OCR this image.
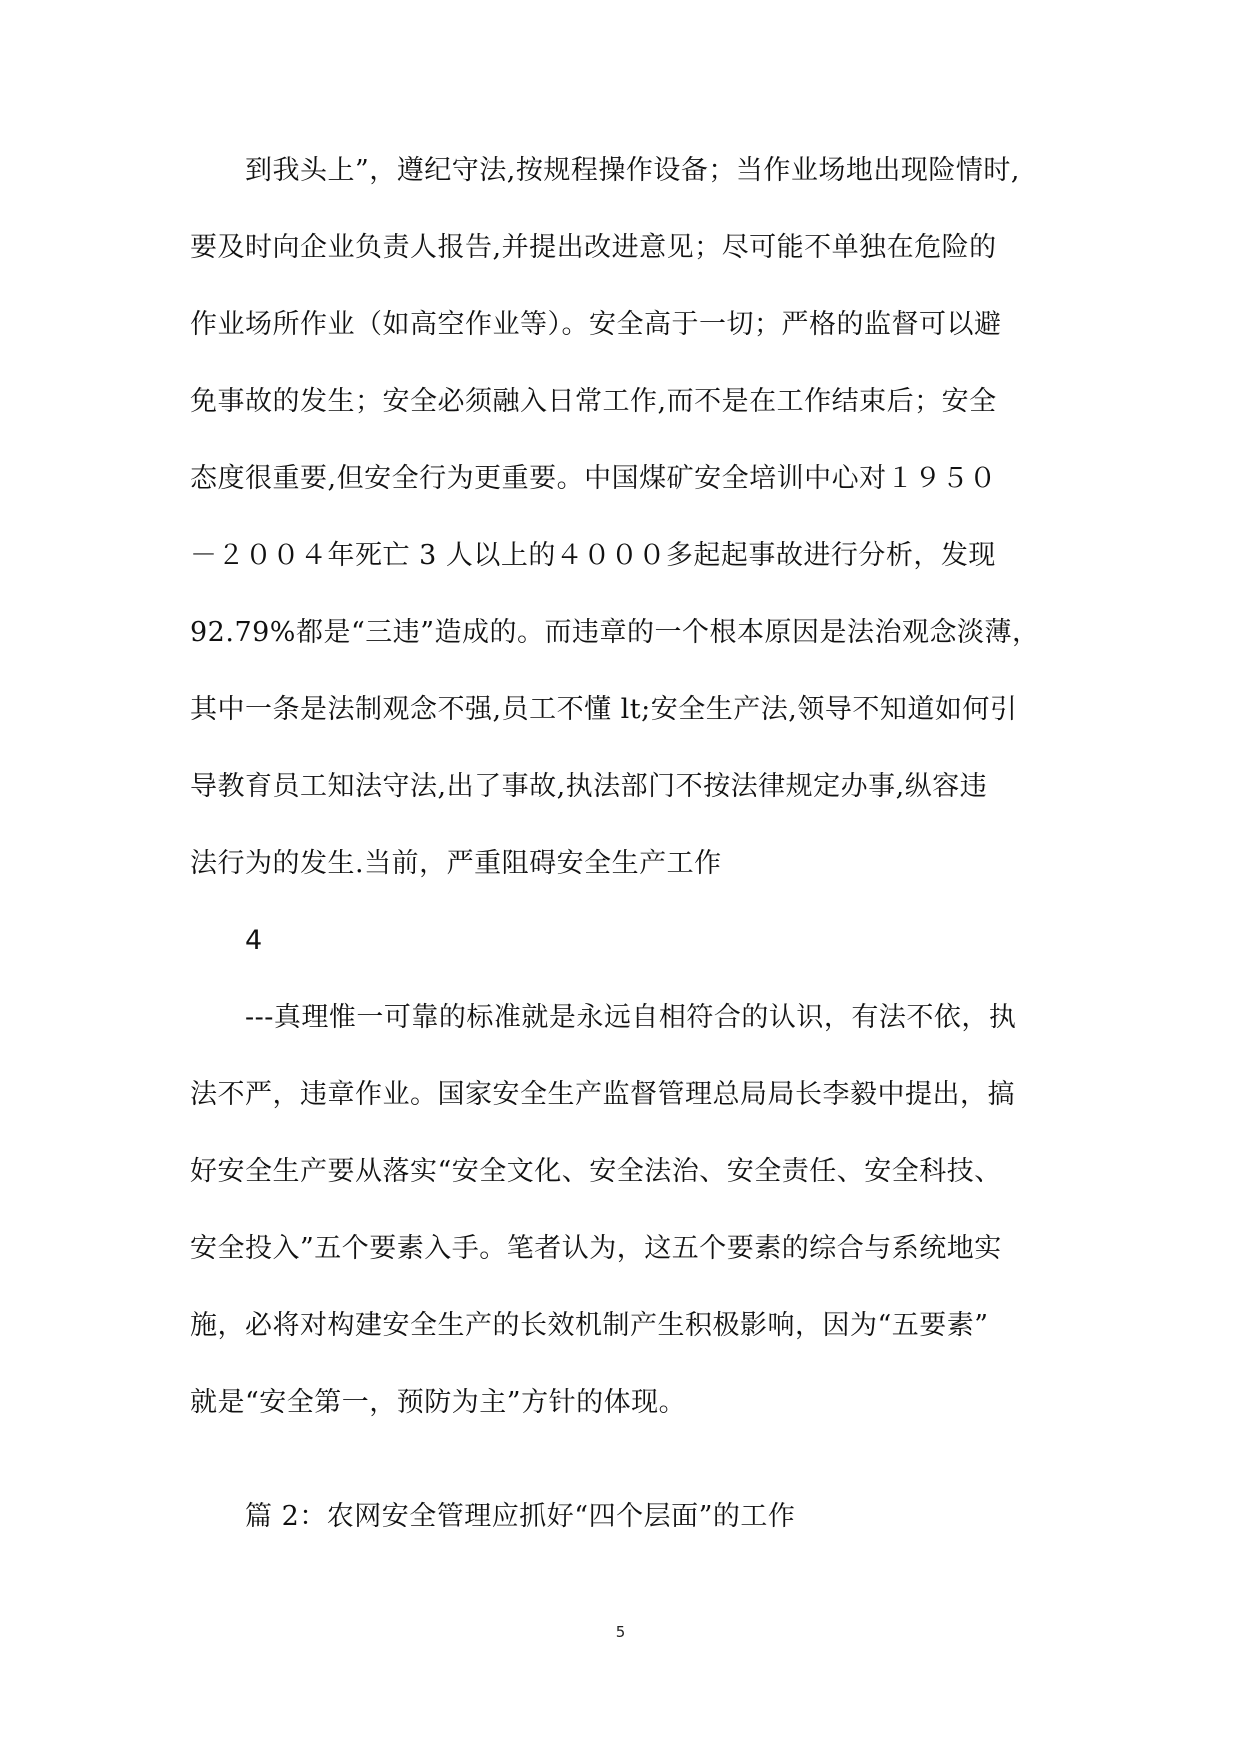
到我头上”，遵纪守法,按规程操作设备；当作业场地出现险情时,
要及时向企业负责人报告,并提出改进意见；尽可能不单独在危险的
作业场所作业（如高空作业等）。安全高于一切；严格的监督可以避
免事故的发生；安全必须融入日常工作,而不是在工作结束后；安全
态度很重要,但安全行为更重要。中国煤矿安全培训中心对１９５０
－２００４年死亡 3 人以上的４０００多起起事故进行分析，发现
92.79%都是“三违”造成的。而违章的一个根本原因是法治观念淡薄，
其中一条是法制观念不强,员工不懂 lt;安全生产法,领导不知道如何引
导教育员工知法守法,出了事故,执法部门不按法律规定办事,纵容违
法行为的发生.当前，严重阻碍安全生产工作
4
---真理惟一可靠的标准就是永远自相符合的认识，有法不依，执
法不严，违章作业。国家安全生产监督管理总局局长李毅中提出，搞
好安全生产要从落实“安全文化、安全法治、安全责任、安全科技、
安全投入”五个要素入手。笔者认为，这五个要素的综合与系统地实
施，必将对构建安全生产的长效机制产生积极影响，因为“五要素”
就是“安全第一，预防为主”方针的体现。
篇 2：农网安全管理应抓好“四个层面”的工作
5
